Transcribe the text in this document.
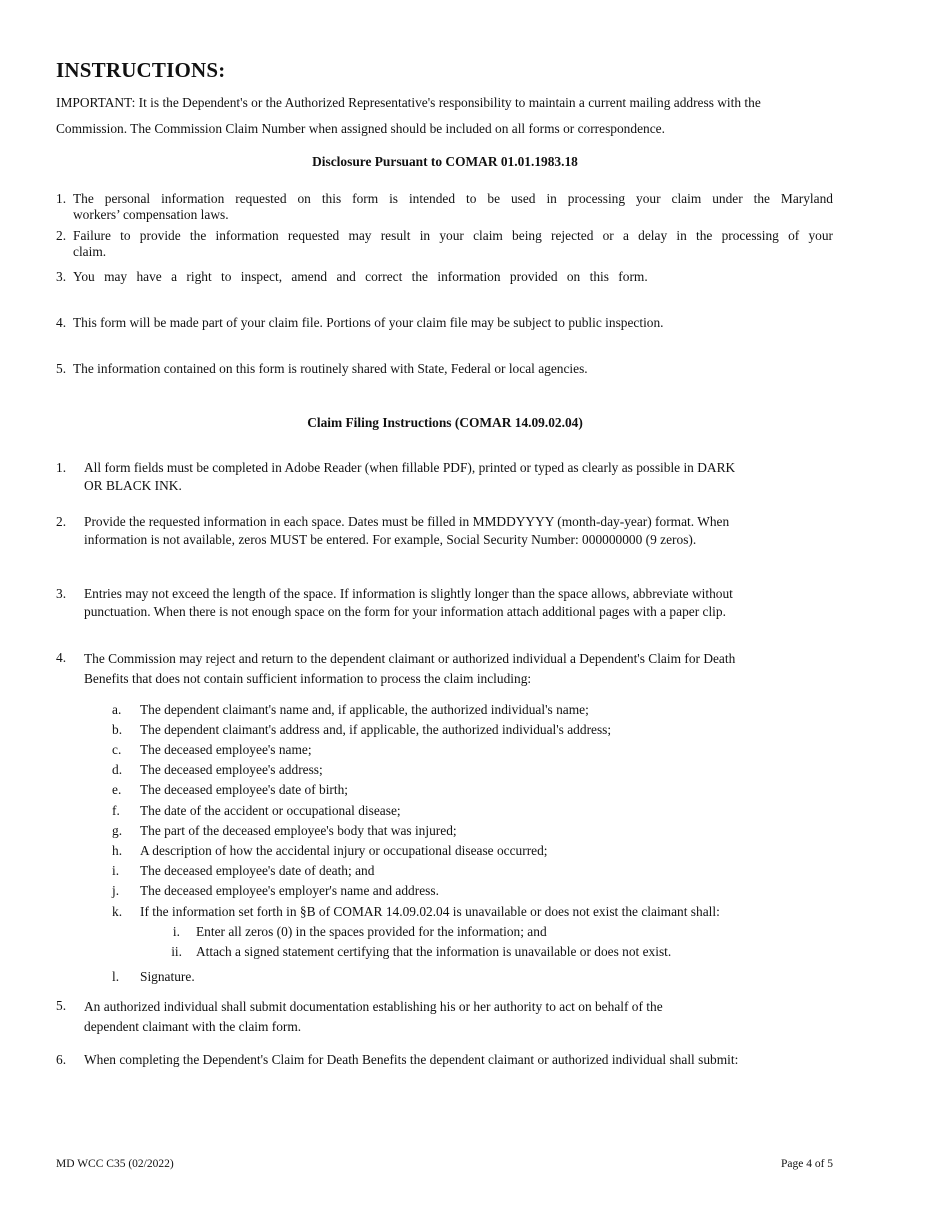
INSTRUCTIONS:
IMPORTANT: It is the Dependent's or the Authorized Representative's responsibility to maintain a current mailing address with the
Commission. The Commission Claim Number when assigned should be included on all forms or correspondence.
Disclosure Pursuant to COMAR 01.01.1983.18
1. The personal information requested on this form is intended to be used in processing your claim under the Maryland
workers’ compensation laws.
2. Failure to provide the information requested may result in your claim being rejected or a delay in the processing of your
claim.
3. You may have a right to inspect, amend and correct the information provided on this form.
4. This form will be made part of your claim file. Portions of your claim file may be subject to public inspection.
5. The information contained on this form is routinely shared with State, Federal or local agencies.
Claim Filing Instructions (COMAR 14.09.02.04)
1. All form fields must be completed in Adobe Reader (when fillable PDF), printed or typed as clearly as possible in DARK
OR BLACK INK.
2. Provide the requested information in each space. Dates must be filled in MMDDYYYY (month-day-year) format. When
information is not available, zeros MUST be entered. For example, Social Security Number: 000000000 (9 zeros).
3. Entries may not exceed the length of the space. If information is slightly longer than the space allows, abbreviate without
punctuation. When there is not enough space on the form for your information attach additional pages with a paper clip.
4. The Commission may reject and return to the dependent claimant or authorized individual a Dependent's Claim for Death
Benefits that does not contain sufficient information to process the claim including:
a. The dependent claimant's name and, if applicable, the authorized individual's name;
b. The dependent claimant's address and, if applicable, the authorized individual's address;
c. The deceased employee's name;
d. The deceased employee's address;
e. The deceased employee's date of birth;
f. The date of the accident or occupational disease;
g. The part of the deceased employee's body that was injured;
h. A description of how the accidental injury or occupational disease occurred;
i. The deceased employee's date of death; and
j. The deceased employee's employer's name and address.
k. If the information set forth in §B of COMAR 14.09.02.04 is unavailable or does not exist the claimant shall:
i. Enter all zeros (0) in the spaces provided for the information; and
ii. Attach a signed statement certifying that the information is unavailable or does not exist.
l. Signature.
5. An authorized individual shall submit documentation establishing his or her authority to act on behalf of the
dependent claimant with the claim form.
6. When completing the Dependent's Claim for Death Benefits the dependent claimant or authorized individual shall submit:
MD WCC C35 (02/2022)	Page 4 of 5
